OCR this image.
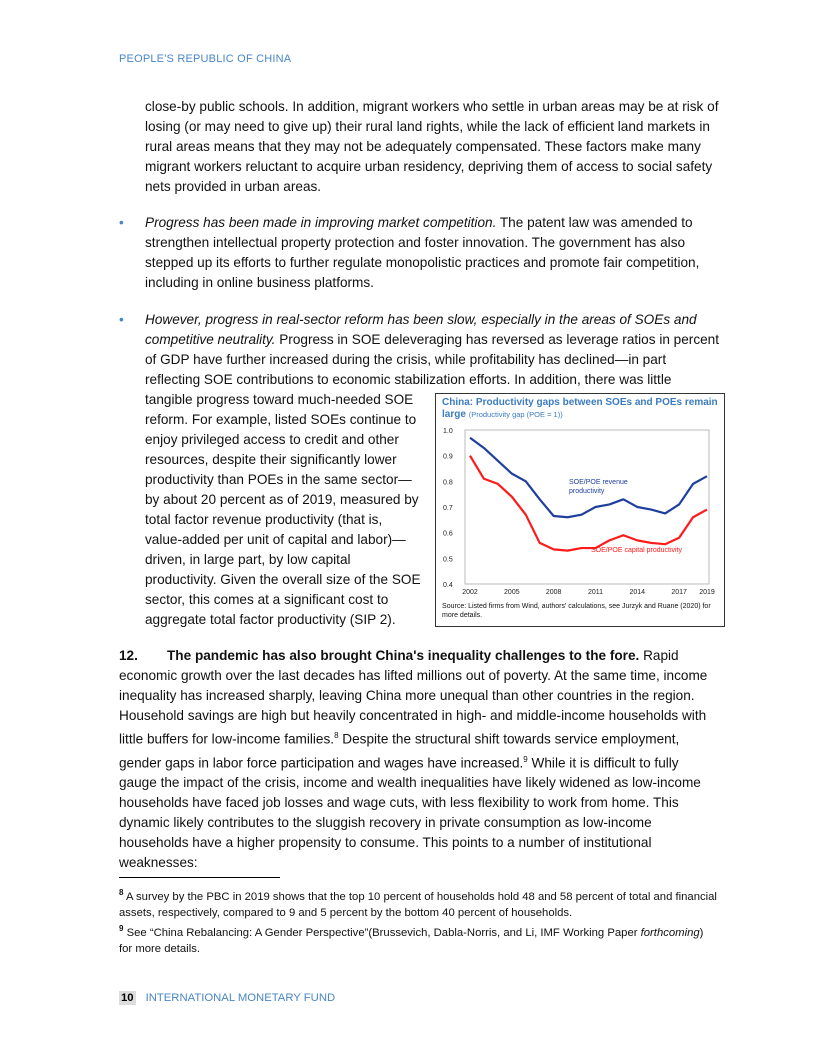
PEOPLE'S REPUBLIC OF CHINA
close-by public schools. In addition, migrant workers who settle in urban areas may be at risk of losing (or may need to give up) their rural land rights, while the lack of efficient land markets in rural areas means that they may not be adequately compensated. These factors make many migrant workers reluctant to acquire urban residency, depriving them of access to social safety nets provided in urban areas.
• Progress has been made in improving market competition. The patent law was amended to strengthen intellectual property protection and foster innovation. The government has also stepped up its efforts to further regulate monopolistic practices and promote fair competition, including in online business platforms.
• However, progress in real-sector reform has been slow, especially in the areas of SOEs and competitive neutrality. Progress in SOE deleveraging has reversed as leverage ratios in percent of GDP have further increased during the crisis, while profitability has declined—in part reflecting SOE contributions to economic stabilization efforts. In addition, there was little
tangible progress toward much-needed SOE reform. For example, listed SOEs continue to enjoy privileged access to credit and other resources, despite their significantly lower productivity than POEs in the same sector—by about 20 percent as of 2019, measured by total factor revenue productivity (that is, value-added per unit of capital and labor)—driven, in large part, by low capital productivity. Given the overall size of the SOE sector, this comes at a significant cost to aggregate total factor productivity (SIP 2).
China: Productivity gaps between SOEs and POEs remain large (Productivity gap (POE = 1))
1.0
0.9
0.8
0.7
0.6
0.5
0.4
2002	2005	2008	2011	2014	2017 2019
SOE/POE revenue
productivity
SOE/POE capital productivity
Source: Listed firms from Wind, authors' calculations, see Jurzyk and Ruane (2020) for more details.
12. The pandemic has also brought China's inequality challenges to the fore. Rapid economic growth over the last decades has lifted millions out of poverty. At the same time, income inequality has increased sharply, leaving China more unequal than other countries in the region. Household savings are high but heavily concentrated in high- and middle-income households with little buffers for low-income families.$^8$ Despite the structural shift towards service employment, gender gaps in labor force participation and wages have increased.$^9$ While it is difficult to fully gauge the impact of the crisis, income and wealth inequalities have likely widened as low-income households have faced job losses and wage cuts, with less flexibility to work from home. This dynamic likely contributes to the sluggish recovery in private consumption as low-income households have a higher propensity to consume. This points to a number of institutional weaknesses:
$^8$ A survey by the PBC in 2019 shows that the top 10 percent of households hold 48 and 58 percent of total and financial assets, respectively, compared to 9 and 5 percent by the bottom 40 percent of households.
$^9$ See “China Rebalancing: A Gender Perspective”(Brussevich, Dabla-Norris, and Li, IMF Working Paper forthcoming) for more details.
10 INTERNATIONAL MONETARY FUND
